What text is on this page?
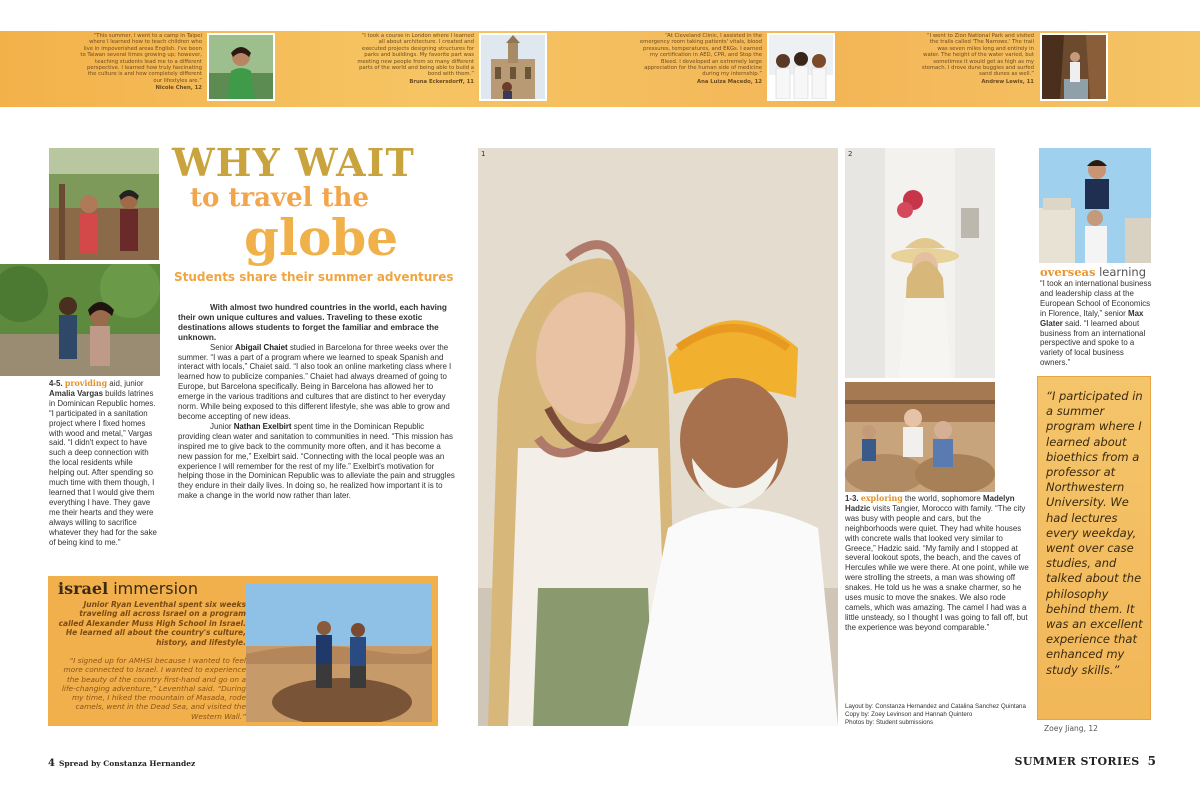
“This summer, I went to a camp in Taipei where I learned how to teach children who live in impoverished areas English. I've been to Taiwan several times growing up; however, teaching students lead me to a different perspective. I learned how truly fascinating the culture is and how completely different our lifestyles are.”

Nicole Chen, 12

“I took a course in London where I learned all about architecture. I created and executed projects designing structures for parks and buildings. My favorite part was meeting new people from so many different parts of the world and being able to build a bond with them.”

Bruna Eckersdorff, 11

“At Cleveland Clinic, I assisted in the emergency room taking patients' vitals, blood pressures, temperatures, and EKGs. I earned my certification in AED, CPR, and Stop the Bleed. I developed an extremely large appreciation for the human side of medicine during my internship.”

Ana Luiza Macedo, 12

“I went to Zion National Park and visited the trails called 'The Narrows.' The trail was seven miles long and entirely in water. The height of the water varied, but sometimes it would get as high as my stomach. I drove dune buggies and surfed sand dunes as well.”

Andrew Lewis, 11
WHY WAIT
to travel the
globe
Students share their summer adventures

With almost two hundred countries in the world, each having their own unique cultures and values. Traveling to these exotic destinations allows students to forget the familiar and embrace the unknown.

Senior Abigail Chaiet studied in Barcelona for three weeks over the summer. “I was a part of a program where we learned to speak Spanish and interact with locals,” Chaiet said. “I also took an online marketing class where I learned how to publicize companies.” Chaiet had always dreamed of going to Europe, but Barcelona specifically. Being in Barcelona has allowed her to emerge in the various traditions and cultures that are distinct to her everyday norm. While being exposed to this different lifestyle, she was able to grow and become accepting of new ideas.

Junior Nathan Exelbirt spent time in the Dominican Republic providing clean water and sanitation to communities in need. “This mission has inspired me to give back to the community more often, and it has become a new passion for me,” Exelbirt said. “Connecting with the local people was an experience I will remember for the rest of my life.” Exelbirt's motivation for helping those in the Dominican Republic was to alleviate the pain and struggles they endure in their daily lives. In doing so, he realized how important it is to make a change in the world now rather than later.

4-5. providing aid, junior Amalia Vargas builds latrines in Dominican Republic homes. “I participated in a sanitation project where I fixed homes with wood and metal,” Vargas said. “I didn't expect to have such a deep connection with the local residents while helping out. After spending so much time with them though, I learned that I would give them everything I have. They gave me their hearts and they were always willing to sacrifice whatever they had for the sake of being kind to me.”
israel immersion
Junior Ryan Leventhal spent six weeks traveling all across Israel on a program called Alexander Muss High School in Israel. He learned all about the country's culture, history, and lifestyle.
“I signed up for AMHSI because I wanted to feel more connected to Israel. I wanted to experience the beauty of the country first-hand and go on a life-changing adventure,” Leventhal said. “During my time, I hiked the mountain of Masada, rode camels, went in the Dead Sea, and visited the Western Wall.”
1	2
1-3. exploring the world, sophomore Madelyn Hadzic visits Tangier, Morocco with family. “The city was busy with people and cars, but the neighborhoods were quiet. They had white houses with concrete walls that looked very similar to Greece,” Hadzic said. “My family and I stopped at several lookout spots, the beach, and the caves of Hercules while we were there. At one point, while we were strolling the streets, a man was showing off snakes. He told us he was a snake charmer, so he uses music to move the snakes. We also rode camels, which was amazing. The camel I had was a little unsteady, so I thought I was going to fall off, but the experience was beyond comparable.”
Layout by: Constanza Hernandez and Catalina Sanchez Quintana
Copy by: Zoey Levinson and Hannah Quintero
Photos by: Student submissions
overseas learning
“I took an international business and leadership class at the European School of Economics in Florence, Italy,” senior Max Glater said. “I learned about business from an international perspective and spoke to a variety of local business owners.”
“I participated in a summer program where I learned about bioethics from a professor at Northwestern University. We had lectures every weekday, went over case studies, and talked about the philosophy behind them. It was an excellent experience that enhanced my study skills.”
Zoey Jiang, 12
4 Spread by Constanza Hernandez	SUMMER STORIES 5
